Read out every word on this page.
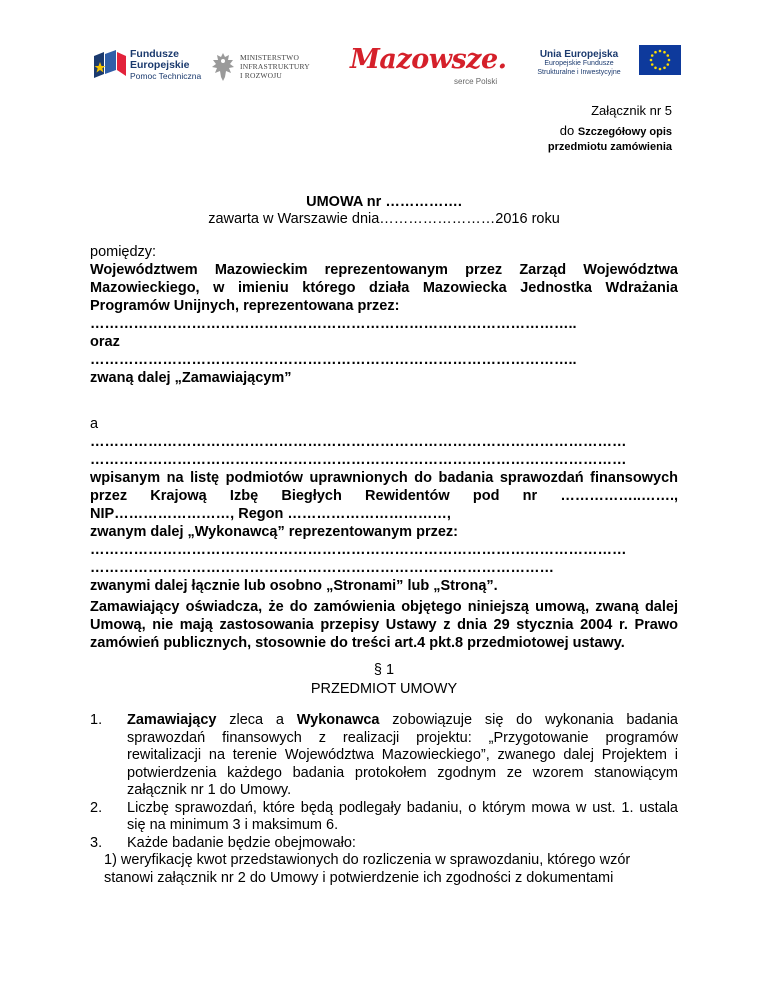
Fundusze
Europejskie
Pomoc Techniczna
MINISTERSTWO
INFRASTRUKTURY
I ROZWOJU
Mazowsze.
serce Polski
Unia Europejska
Europejskie Fundusze
Strukturalne i Inwestycyjne
Załącznik nr 5
do Szczegółowy opis
przedmiotu zamówienia
UMOWA nr …………….
zawarta w Warszawie dnia……………………2016 roku
pomiędzy:
Województwem Mazowieckim reprezentowanym przez Zarząd Województwa
Mazowieckiego, w imieniu którego działa Mazowiecka Jednostka Wdrażania
Programów Unijnych, reprezentowana przez:
………………………………………………………………………………………..
oraz
………………………………………………………………………………………..
zwaną dalej „Zamawiającym”
a
…………………………………………………………………………………………………
…………………………………………………………………………………………………
wpisanym na listę podmiotów uprawnionych do badania sprawozdań finansowych
przez Krajową Izbę Biegłych Rewidentów pod nr ……………..…….,
NIP……………………, Regon ……………………………,
zwanym dalej „Wykonawcą” reprezentowanym przez:
…………………………………………………………………………………………………
……………………………………………………………………………………
zwanymi dalej łącznie lub osobno „Stronami” lub „Stroną”.
Zamawiający oświadcza, że do zamówienia objętego niniejszą umową, zwaną dalej
Umową, nie mają zastosowania przepisy Ustawy z dnia 29 stycznia 2004 r. Prawo
zamówień publicznych, stosownie do treści art.4 pkt.8 przedmiotowej ustawy.
§ 1
PRZEDMIOT UMOWY
1. Zamawiający zleca a Wykonawca zobowiązuje się do wykonania badania sprawozdań finansowych z realizacji projektu: „Przygotowanie programów rewitalizacji na terenie Województwa Mazowieckiego”, zwanego dalej Projektem i potwierdzenia każdego badania protokołem zgodnym ze wzorem stanowiącym załącznik nr 1 do Umowy.
2. Liczbę sprawozdań, które będą podlegały badaniu, o którym mowa w ust. 1. ustala się na minimum 3 i maksimum 6.
3. Każde badanie będzie obejmowało:
1) weryfikację kwot przedstawionych do rozliczenia w sprawozdaniu, którego wzór stanowi załącznik nr 2 do Umowy i potwierdzenie ich zgodności z dokumentami
